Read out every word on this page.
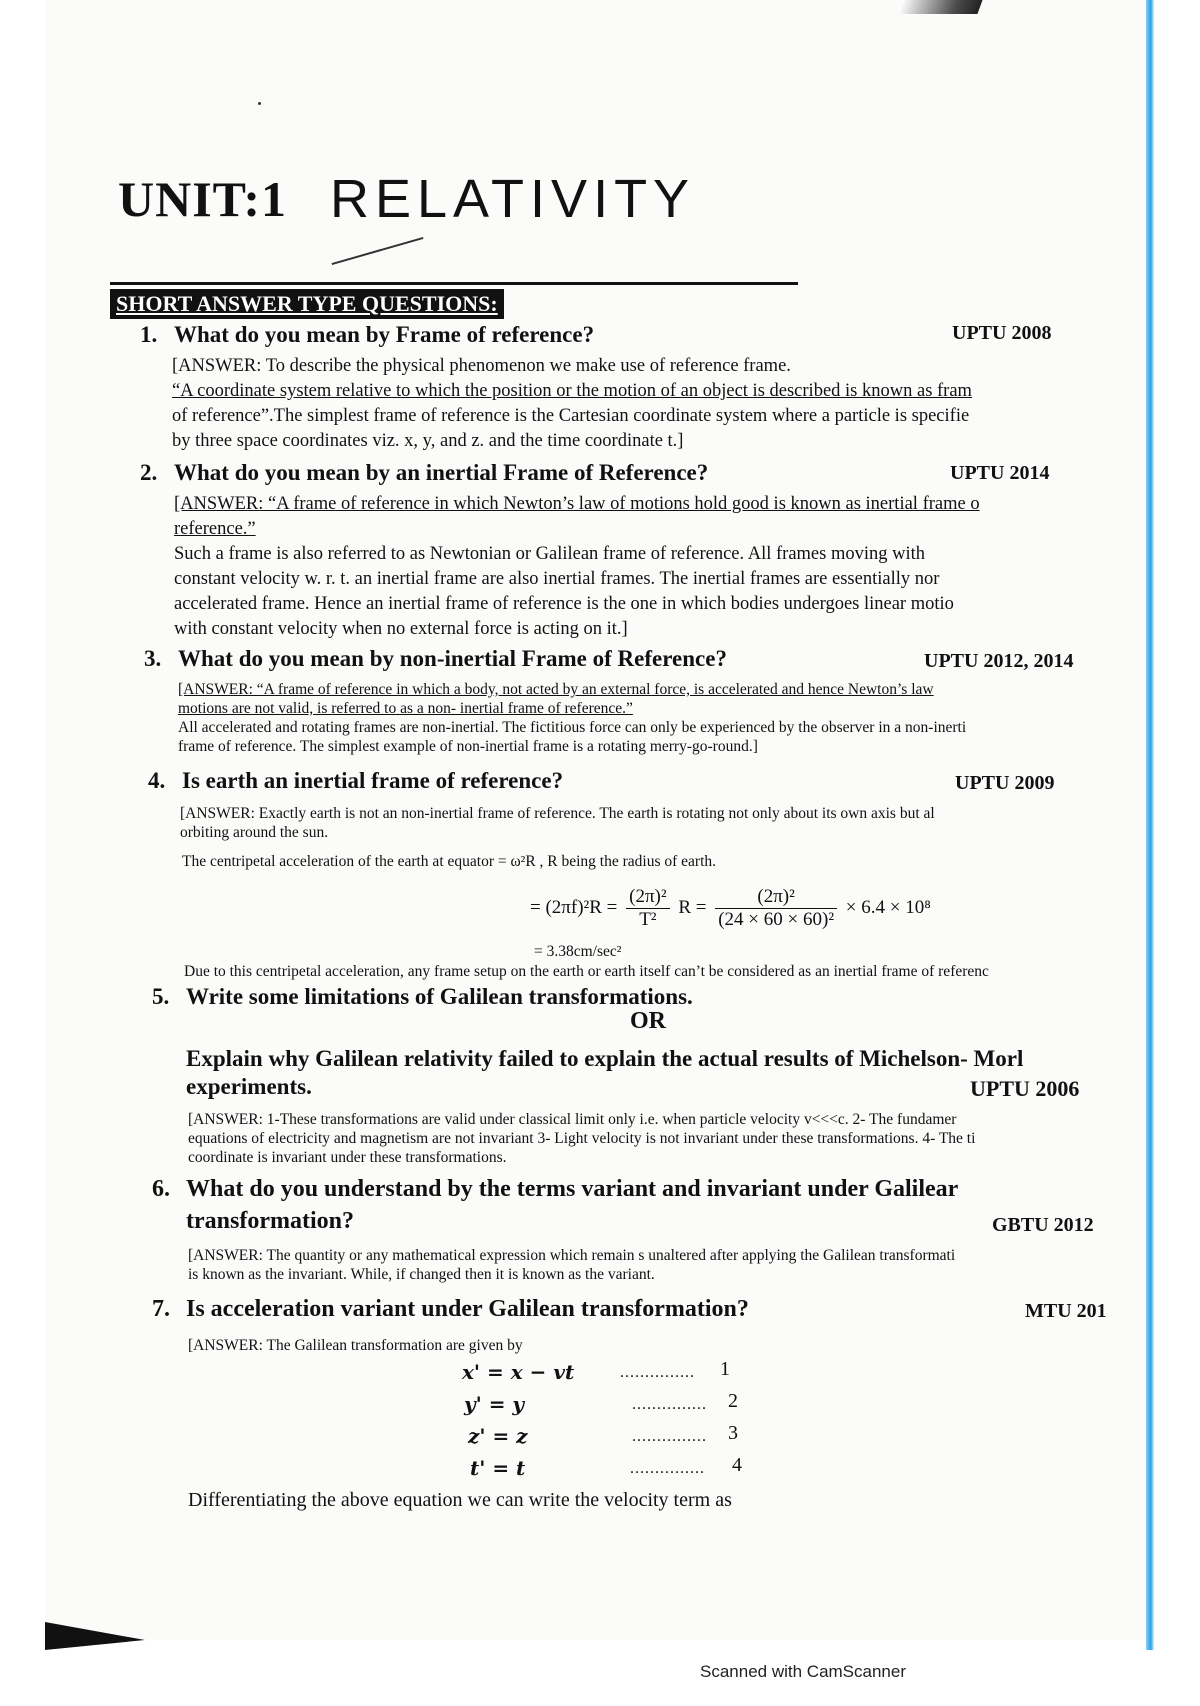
UNIT:1 RELATIVITY
SHORT ANSWER TYPE QUESTIONS:
1. What do you mean by Frame of reference?	UPTU 2008
[ANSWER: To describe the physical phenomenon we make use of reference frame.
“A coordinate system relative to which the position or the motion of an object is described is known as fram
of reference”.The simplest frame of reference is the Cartesian coordinate system where a particle is specifie
by three space coordinates viz. x, y, and z. and the time coordinate t.]
2. What do you mean by an inertial Frame of Reference?	UPTU 2014
[ANSWER: “A frame of reference in which Newton’s law of motions hold good is known as inertial frame o
reference.”
Such a frame is also referred to as Newtonian or Galilean frame of reference. All frames moving with
constant velocity w. r. t. an inertial frame are also inertial frames. The inertial frames are essentially nor
accelerated frame. Hence an inertial frame of reference is the one in which bodies undergoes linear motio
with constant velocity when no external force is acting on it.]
3. What do you mean by non-inertial Frame of Reference?	UPTU 2012, 2014
[ANSWER: “A frame of reference in which a body, not acted by an external force, is accelerated and hence Newton’s law
motions are not valid, is referred to as a non- inertial frame of reference.”
All accelerated and rotating frames are non-inertial. The fictitious force can only be experienced by the observer in a non-inerti
frame of reference. The simplest example of non-inertial frame is a rotating merry-go-round.]
4. Is earth an inertial frame of reference?	UPTU 2009
[ANSWER: Exactly earth is not an non-inertial frame of reference. The earth is rotating not only about its own axis but al
orbiting around the sun.
The centripetal acceleration of the earth at equator = ω²R , R being the radius of earth.
= $(2\pi f)^2R = \frac{\text{(2π)²}}{\text{T²}}$ $R = \frac{\text{(2π)²}}{\text{(24 × 60 × 60)²}} \times 6.4 \times 10^8$
= 3.38cm/sec²
Due to this centripetal acceleration, any frame setup on the earth or earth itself can’t be considered as an inertial frame of referenc
5. Write some limitations of Galilean transformations.
OR
Explain why Galilean relativity failed to explain the actual results of Michelson- Morl
experiments.	UPTU 2006
[ANSWER: 1-These transformations are valid under classical limit only i.e. when particle velocity v<<<c. 2- The fundamer
equations of electricity and magnetism are not invariant 3- Light velocity is not invariant under these transformations. 4- The ti
coordinate is invariant under these transformations.
6. What do you understand by the terms variant and invariant under Galilear
transformation?	GBTU 2012
[ANSWER: The quantity or any mathematical expression which remain s unaltered after applying the Galilean transformati
is known as the invariant. While, if changed then it is known as the variant.
7. Is acceleration variant under Galilean transformation?	MTU 201
[ANSWER: The Galilean transformation are given by
x' = x − vt	............... 1
y' = y	............... 2
z' = z	............... 3
t' = t	............... 4
Differentiating the above equation we can write the velocity term as
Scanned with CamScanner
